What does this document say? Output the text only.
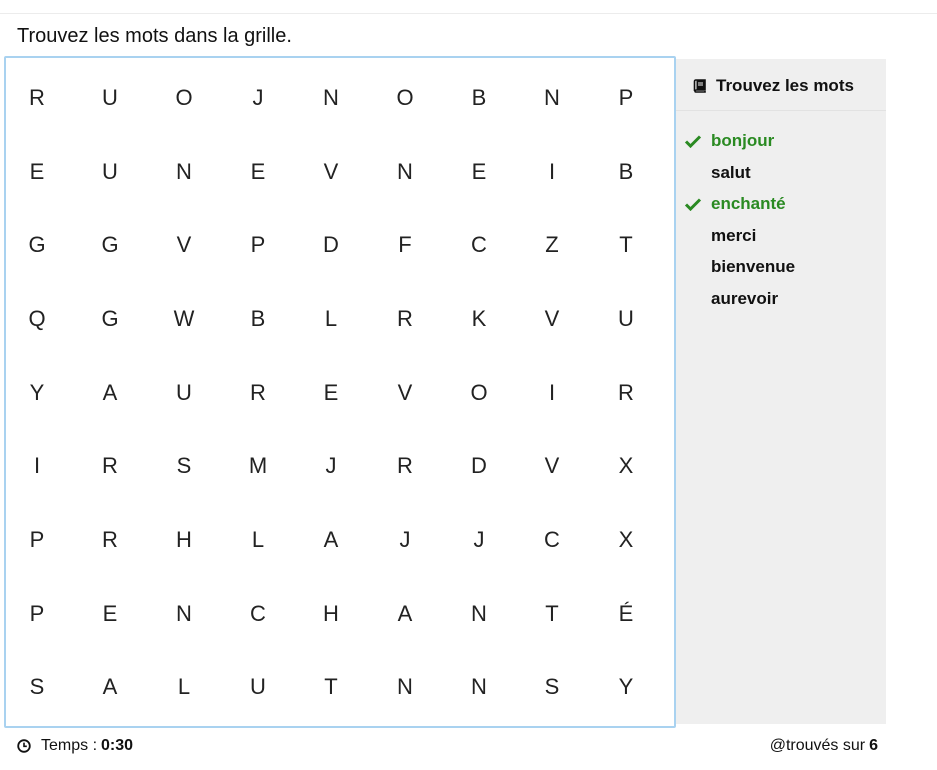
Trouvez les mots dans la grille.
R	U	O	J	N	O	B	N	P
E	U	N	E	V	N	E	I	B
G	G	V	P	D	F	C	Z	T
Q	G	W	B	L	R	K	V	U
Y	A	U	R	E	V	O	I	R
I	R	S	M	J	R	D	V	X
P	R	H	L	A	J	J	C	X
P	E	N	C	H	A	N	T	É
S	A	L	U	T	N	N	S	Y
Trouvez les mots
bonjour
salut
enchanté
merci
bienvenue
aurevoir
Temps : 0:30	@trouvés sur 6
